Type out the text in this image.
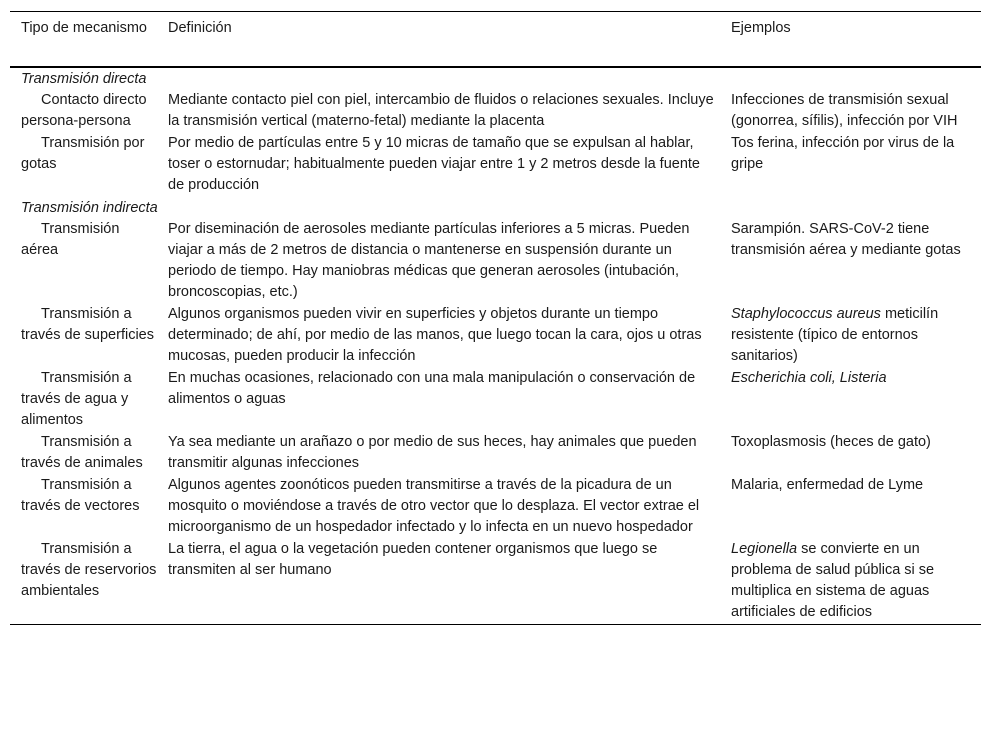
Tipo de mecanismo	Definición	Ejemplos
Transmisión directa		
Contacto directo persona-persona	Mediante contacto piel con piel, intercambio de fluidos o relaciones sexuales. Incluye la transmisión vertical (materno-fetal) mediante la placenta	Infecciones de transmisión sexual (gonorrea, sífilis), infección por VIH
Transmisión por gotas	Por medio de partículas entre 5 y 10 micras de tamaño que se expulsan al hablar, toser o estornudar; habitualmente pueden viajar entre 1 y 2 metros desde la fuente de producción	Tos ferina, infección por virus de la gripe
Transmisión indirecta		
Transmisión aérea	Por diseminación de aerosoles mediante partículas inferiores a 5 micras. Pueden viajar a más de 2 metros de distancia o mantenerse en suspensión durante un periodo de tiempo. Hay maniobras médicas que generan aerosoles (intubación, broncoscopias, etc.)	Sarampión. SARS-CoV-2 tiene transmisión aérea y mediante gotas
Transmisión a través de superficies	Algunos organismos pueden vivir en superficies y objetos durante un tiempo determinado; de ahí, por medio de las manos, que luego tocan la cara, ojos u otras mucosas, pueden producir la infección	Staphylococcus aureus meticilín resistente (típico de entornos sanitarios)
Transmisión a través de agua y alimentos	En muchas ocasiones, relacionado con una mala manipulación o conservación de alimentos o aguas	Escherichia coli, Listeria
Transmisión a través de animales	Ya sea mediante un arañazo o por medio de sus heces, hay animales que pueden transmitir algunas infecciones	Toxoplasmosis (heces de gato)
Transmisión a través de vectores	Algunos agentes zoonóticos pueden transmitirse a través de la picadura de un mosquito o moviéndose a través de otro vector que lo desplaza. El vector extrae el microorganismo de un hospedador infectado y lo infecta en un nuevo hospedador	Malaria, enfermedad de Lyme
Transmisión a través de reservorios ambientales	La tierra, el agua o la vegetación pueden contener organismos que luego se transmiten al ser humano	Legionella se convierte en un problema de salud pública si se multiplica en sistema de aguas artificiales de edificios
